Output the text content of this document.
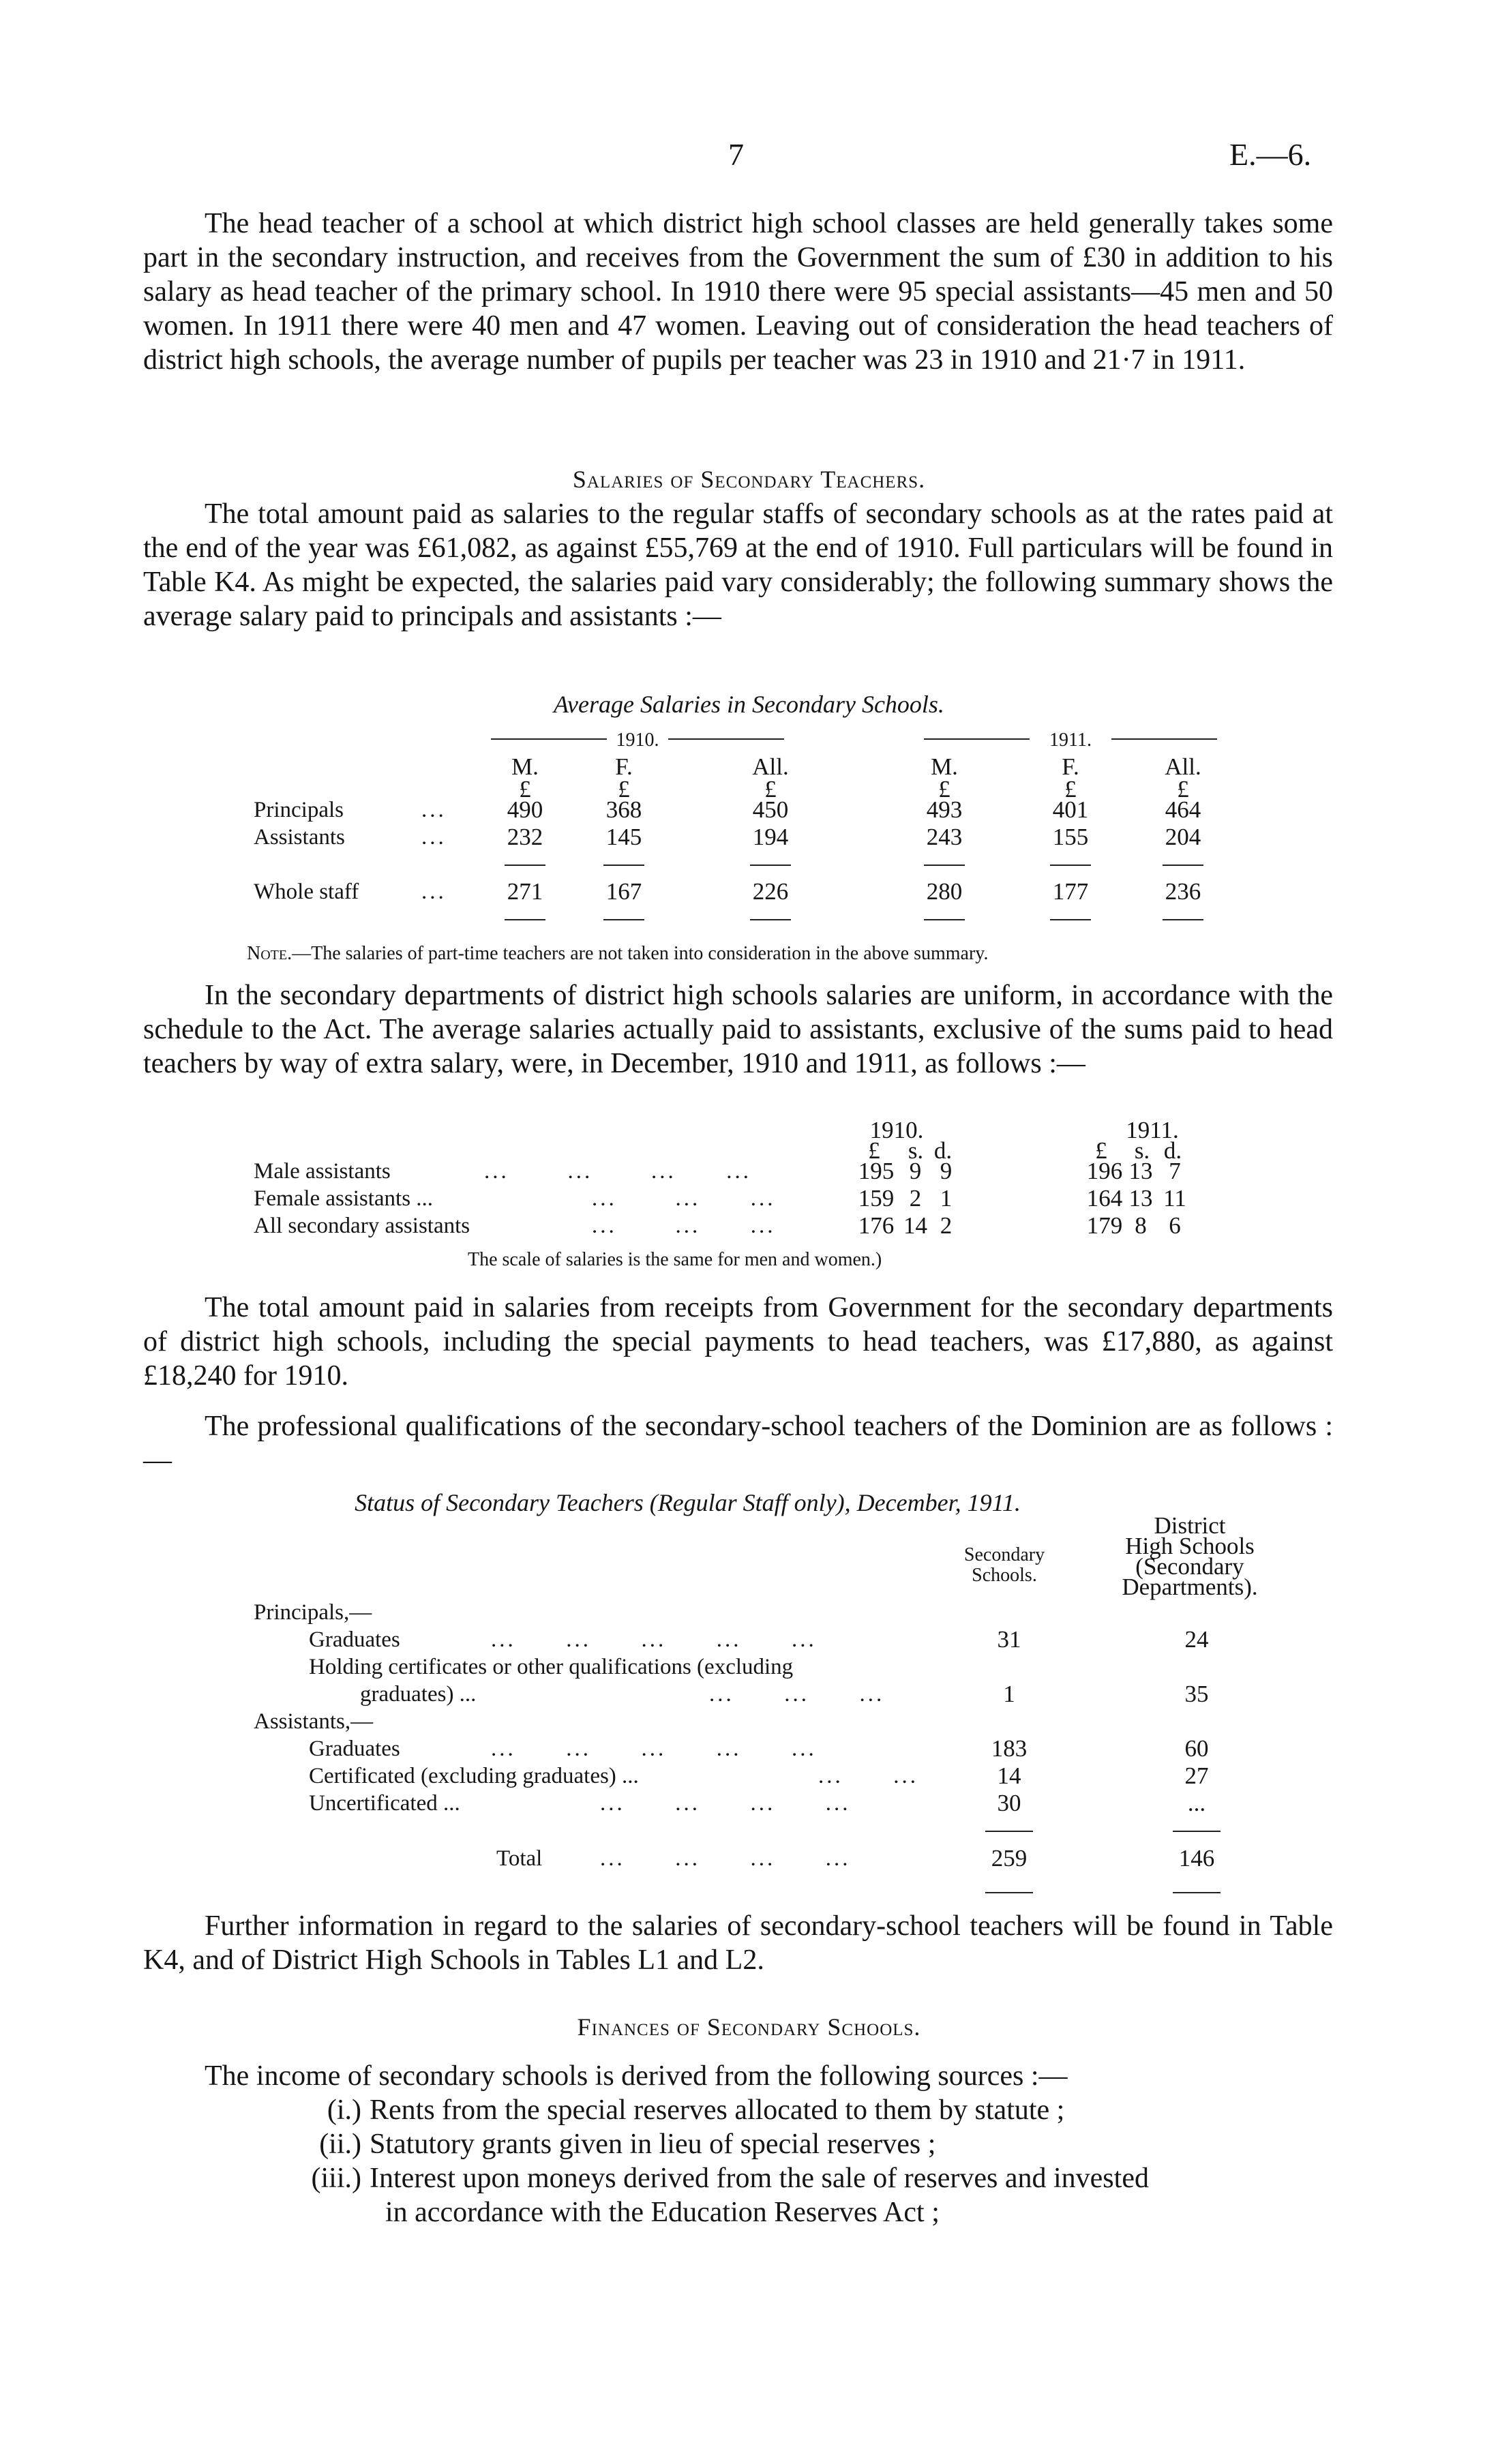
7	E.—6.
The head teacher of a school at which district high school classes are held generally takes some part in the secondary instruction, and receives from the Government the sum of £30 in addition to his salary as head teacher of the primary school. In 1910 there were 95 special assistants—45 men and 50 women. In 1911 there were 40 men and 47 women. Leaving out of consideration the head teachers of district high schools, the average number of pupils per teacher was 23 in 1910 and 21·7 in 1911.
Salaries of Secondary Teachers.
The total amount paid as salaries to the regular staffs of secondary schools as at the rates paid at the end of the year was £61,082, as against £55,769 at the end of 1910. Full particulars will be found in Table K4. As might be expected, the salaries paid vary considerably; the following summary shows the average salary paid to principals and assistants :—
Average Salaries in Secondary Schools.
1910.	1911.
M.	F.	All.	M.	F.	All.
£	£	£	£	£	£
Principals	...	490	368	450	493	401	464
Assistants	...	232	145	194	243	155	204
Whole staff	...	271	167	226	280	177	236
Note.—The salaries of part-time teachers are not taken into consideration in the above summary.
In the secondary departments of district high schools salaries are uniform, in accordance with the schedule to the Act. The average salaries actually paid to assistants, exclusive of the sums paid to head teachers by way of extra salary, were, in December, 1910 and 1911, as follows :—
1910.	1911.
£	s. d.	£	s. d.
Male assistants	...       ...       ...      ...	195 9 9	196 13 7
Female assistants ...	...       ...      ...	159 2 1	164 13 11
All secondary assistants	...       ...      ...	176 14 2	179 8 6
The scale of salaries is the same for men and women.)
The total amount paid in salaries from receipts from Government for the secondary departments of district high schools, including the special payments to head teachers, was £17,880, as against £18,240 for 1910.
The professional qualifications of the secondary-school teachers of the Dominion are as follows :—
Status of Secondary Teachers (Regular Staff only), December, 1911.
Secondary Schools.
District
High Schools
(Secondary
Departments).
Principals,—
Graduates	...      ...      ...      ...      ...	31	24
Holding certificates or other qualifications (excluding
graduates) ...	...      ...      ...	1	35
Assistants,—
Graduates	...      ...      ...      ...      ...	183	60
Certificated (excluding graduates) ...	...      ...	14	27
Uncertificated ...	...      ...      ...      ...	30	...
Total	...      ...      ...      ...	259	146
Further information in regard to the salaries of secondary-school teachers will be found in Table K4, and of District High Schools in Tables L1 and L2.
Finances of Secondary Schools.
The income of secondary schools is derived from the following sources :—
(i.) Rents from the special reserves allocated to them by statute ;
(ii.) Statutory grants given in lieu of special reserves ;
(iii.) Interest upon moneys derived from the sale of reserves and invested
in accordance with the Education Reserves Act ;
